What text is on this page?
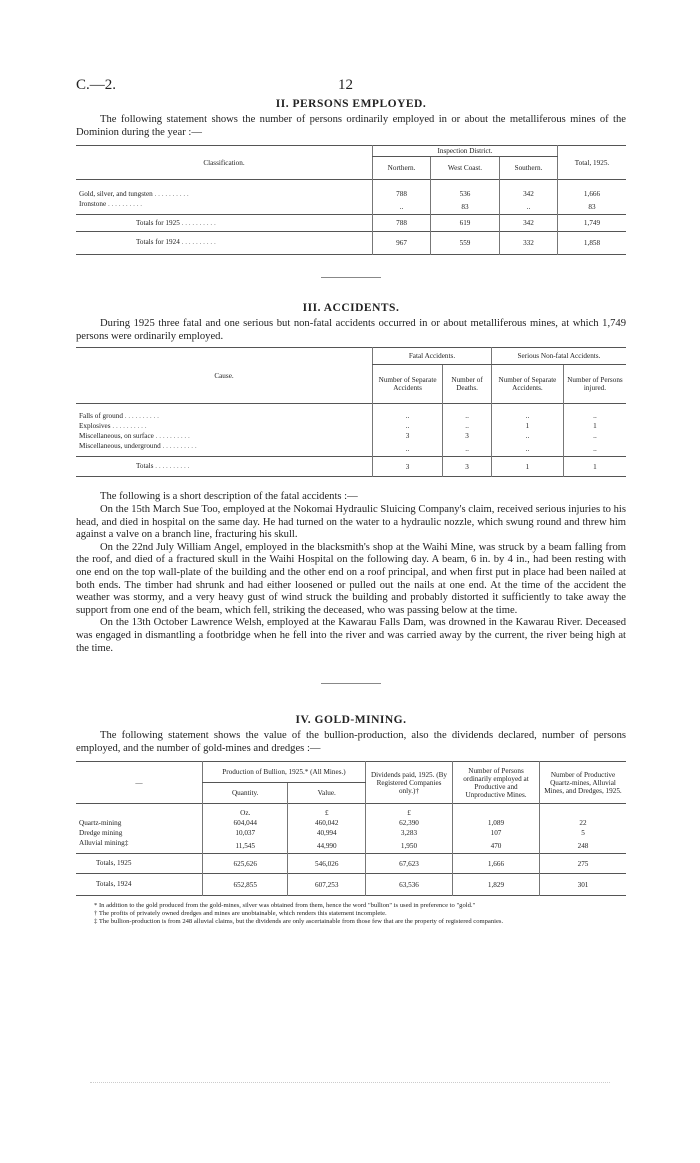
C.—2.	12
II. PERSONS EMPLOYED.

The following statement shows the number of persons ordinarily employed in or about the metalliferous mines of the Dominion during the year :—

Classification.	Inspection District.			Total, 1925.
	Northern.	West Coast.	Southern.	
Gold, silver, and tungsten . . . . . . . . . .	788	536	342	1,666
Ironstone . . . . . . . . . .	..	83	..	83
Totals for 1925 . . . . . . . . . .	788	619	342	1,749
Totals for 1924 . . . . . . . . . .	967	559	332	1,858
III. ACCIDENTS.

During 1925 three fatal and one serious but non-fatal accidents occurred in or about metalliferous mines, at which 1,749 persons were ordinarily employed.

Cause.	Fatal Accidents.		Serious Non-fatal Accidents.	
	Number of Separate Accidents	Number of Deaths.	Number of Separate Accidents.	Number of Persons injured.
Falls of ground . . . . . . . . . .	..	..	..	..
Explosives . . . . . . . . . .	..	..	1	1
Miscellaneous, on surface . . . . . . . . . .	3	3	..	..
Miscellaneous, underground . . . . . . . . . .	..	..	..	..
Totals . . . . . . . . . .	3	3	1	1

The following is a short description of the fatal accidents :—

On the 15th March Sue Too, employed at the Nokomai Hydraulic Sluicing Company's claim, received serious injuries to his head, and died in hospital on the same day. He had turned on the water to a hydraulic nozzle, which swung round and threw him against a valve on a branch line, fracturing his skull.

On the 22nd July William Angel, employed in the blacksmith's shop at the Waihi Mine, was struck by a beam falling from the roof, and died of a fractured skull in the Waihi Hospital on the following day. A beam, 6 in. by 4 in., had been resting with one end on the top wall-plate of the building and the other end on a roof principal, and when first put in place had been nailed at both ends. The timber had shrunk and had either loosened or pulled out the nails at one end. At the time of the accident the weather was stormy, and a very heavy gust of wind struck the building and probably distorted it sufficiently to take away the support from one end of the beam, which fell, striking the deceased, who was passing below at the time.

On the 13th October Lawrence Welsh, employed at the Kawarau Falls Dam, was drowned in the Kawarau River. Deceased was engaged in dismantling a footbridge when he fell into the river and was carried away by the current, the river being high at the time.

IV. GOLD-MINING.

The following statement shows the value of the bullion-production, also the dividends declared, number of persons employed, and the number of gold-mines and dredges :—

—	Production of Bullion, 1925.* (All Mines.)		Dividends paid, 1925. (By Registered Companies only.)†	Number of Persons ordinarily employed at Productive and Unproductive Mines.	Number of Productive Quartz-mines, Alluvial Mines, and Dredges, 1925.
	Quantity.	Value.			
	Oz.	£	£		
Quartz-mining	604,044	460,042	62,390	1,089	22
Dredge mining	10,037	40,994	3,283	107	5
Alluvial mining‡	11,545	44,990	1,950	470	248
Totals, 1925	625,626	546,026	67,623	1,666	275
Totals, 1924	652,855	607,253	63,536	1,829	301

* In addition to the gold produced from the gold-mines, silver was obtained from them, hence the word "bullion" is used in preference to "gold."

† The profits of privately owned dredges and mines are unobtainable, which renders this statement incomplete.

‡ The bullion-production is from 248 alluvial claims, but the dividends are only ascertainable from those few that are the property of registered companies.
